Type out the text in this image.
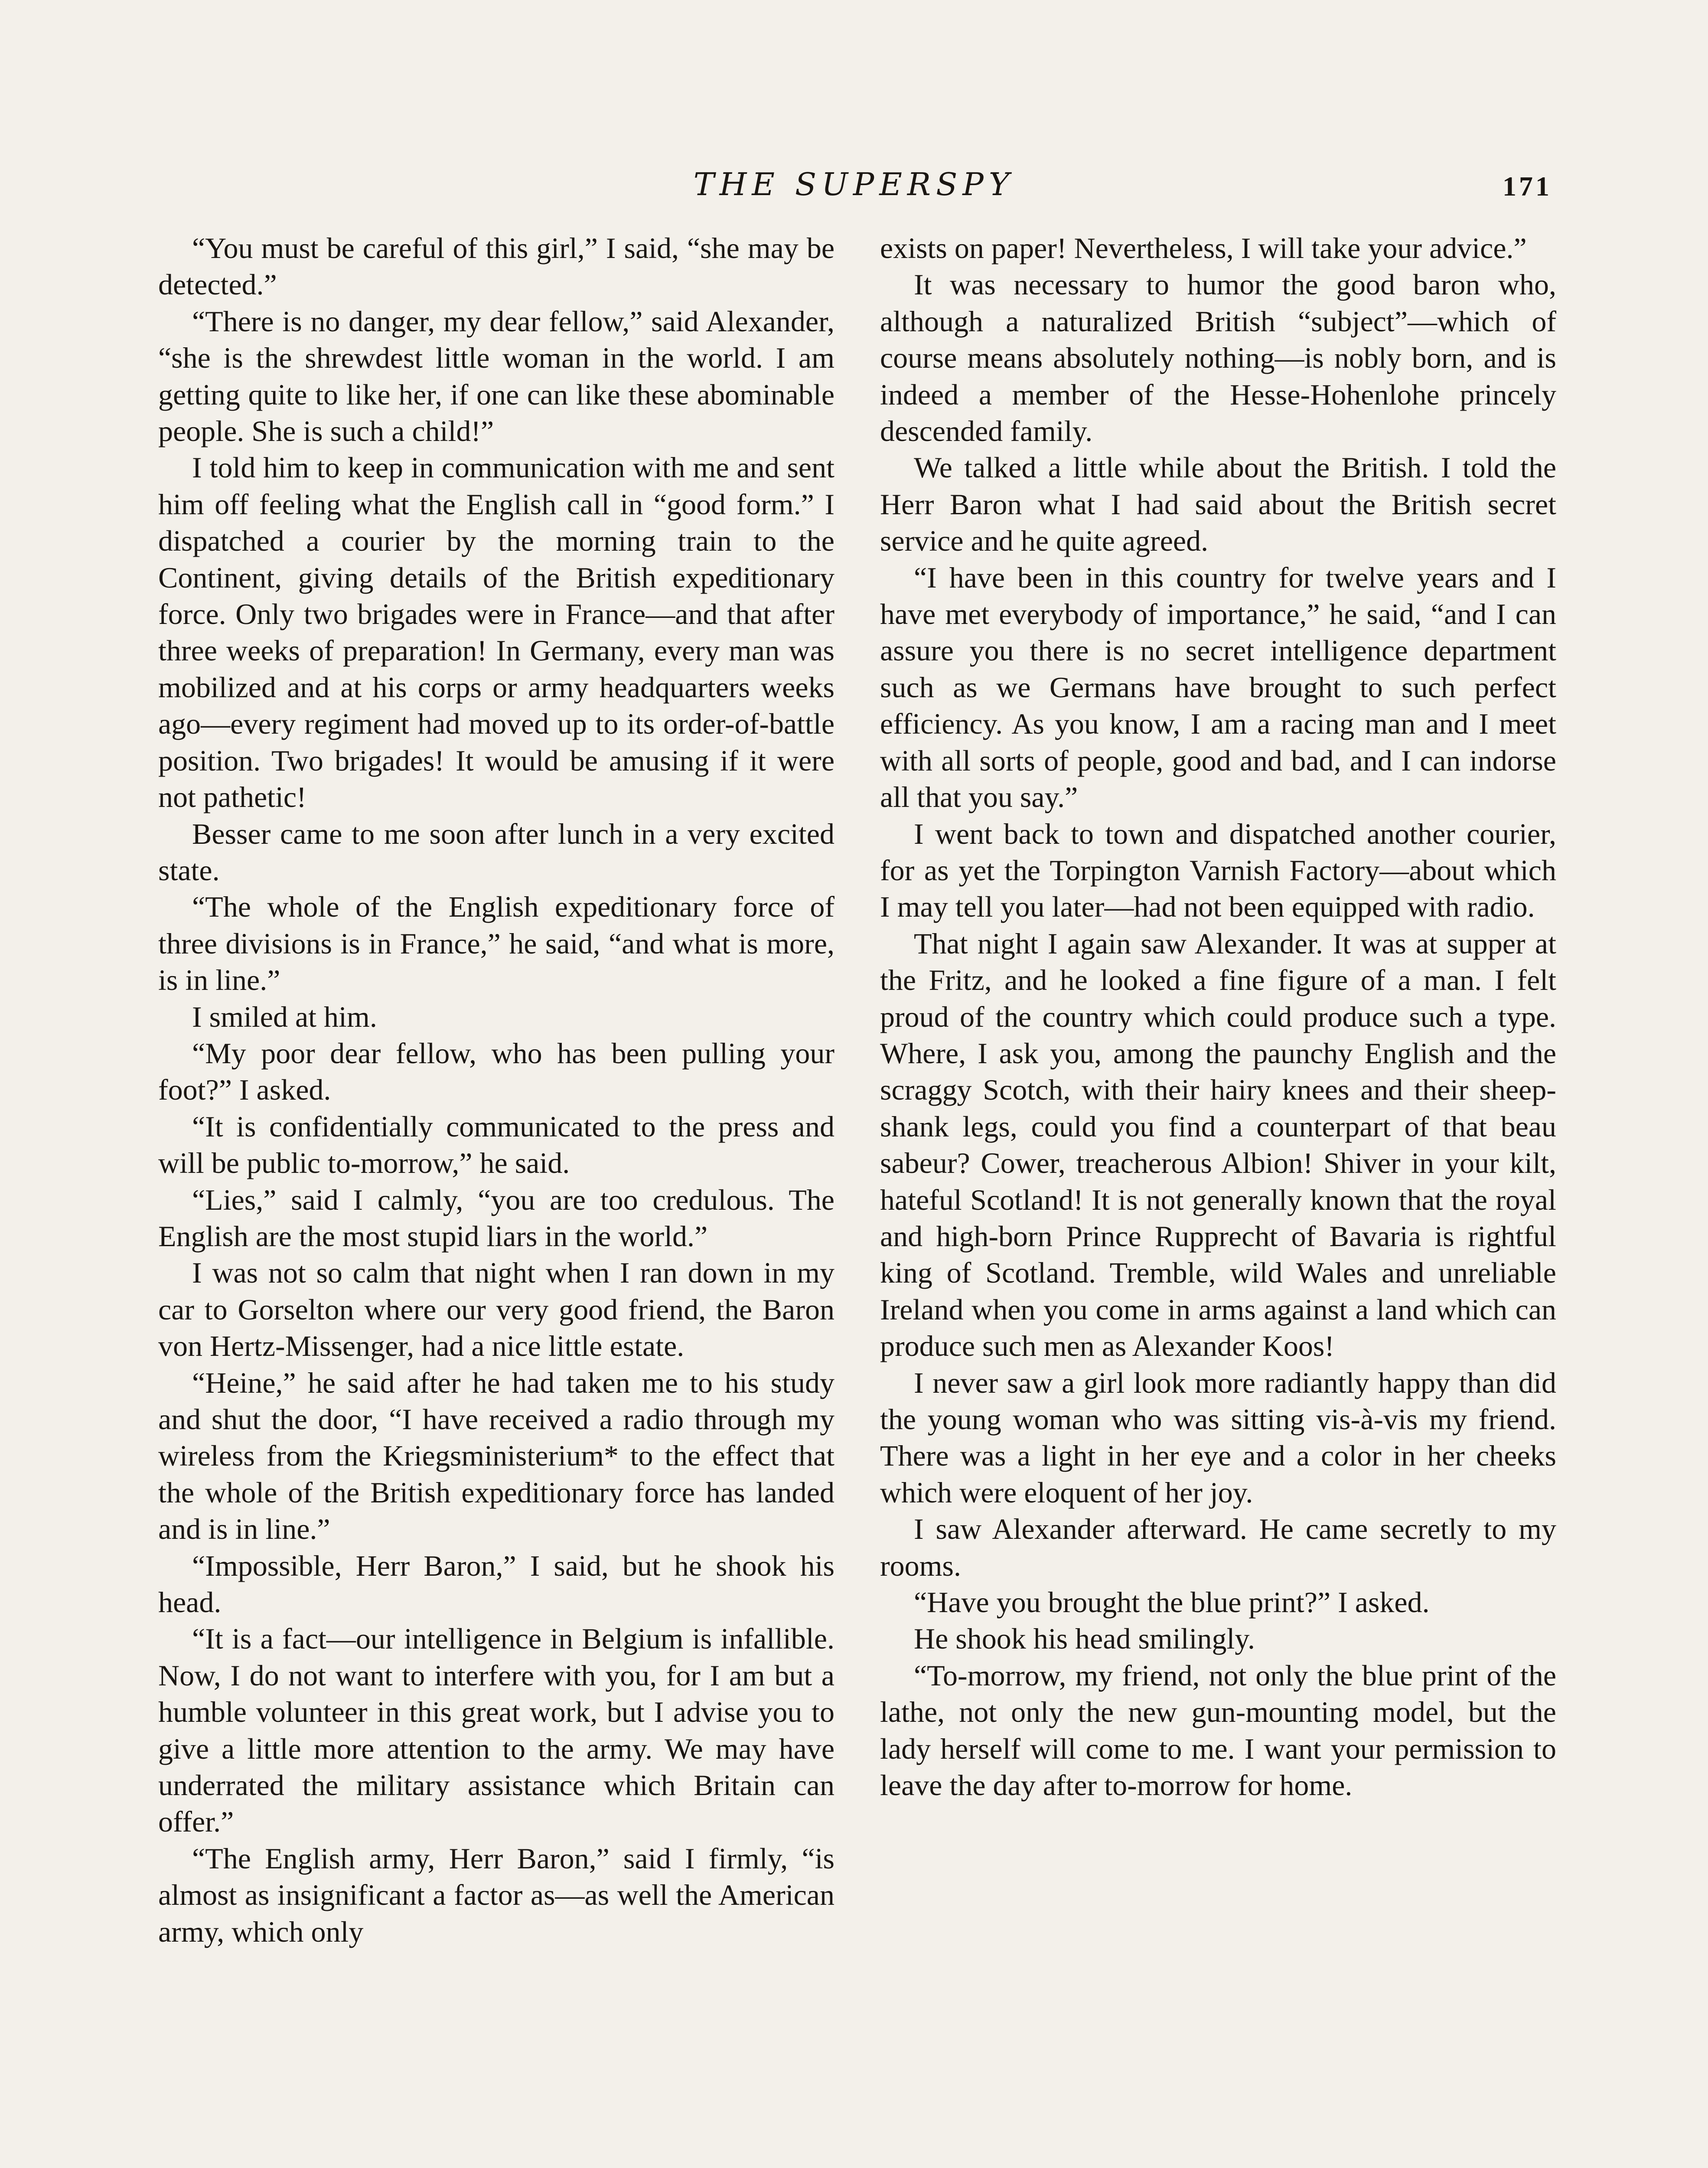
THE SUPERSPY	171

“You must be careful of this girl,” I said, “she may be detected.”

“There is no danger, my dear fellow,” said Alexander, “she is the shrewdest little woman in the world. I am getting quite to like her, if one can like these abominable people. She is such a child!”

I told him to keep in communication with me and sent him off feeling what the English call in “good form.” I dispatched a courier by the morning train to the Continent, giving details of the British expeditionary force. Only two brigades were in France—and that after three weeks of preparation! In Germany, every man was mobilized and at his corps or army headquarters weeks ago—every regiment had moved up to its order-of-battle position. Two brigades! It would be amusing if it were not pathetic!

Besser came to me soon after lunch in a very excited state.

“The whole of the English expeditionary force of three divisions is in France,” he said, “and what is more, is in line.”

I smiled at him.

“My poor dear fellow, who has been pulling your foot?” I asked.

“It is confidentially communicated to the press and will be public to-morrow,” he said.

“Lies,” said I calmly, “you are too credulous. The English are the most stupid liars in the world.”

I was not so calm that night when I ran down in my car to Gorselton where our very good friend, the Baron von Hertz-Missenger, had a nice little estate.

“Heine,” he said after he had taken me to his study and shut the door, “I have received a radio through my wireless from the Kriegsministerium* to the effect that the whole of the British expeditionary force has landed and is in line.”

“Impossible, Herr Baron,” I said, but he shook his head.

“It is a fact—our intelligence in Belgium is infallible. Now, I do not want to interfere with you, for I am but a humble volunteer in this great work, but I advise you to give a little more attention to the army. We may have underrated the military assistance which Britain can offer.”

“The English army, Herr Baron,” said I firmly, “is almost as insignificant a factor as—as well the American army, which only

exists on paper! Nevertheless, I will take your advice.”

It was necessary to humor the good baron who, although a naturalized British “subject”—which of course means absolutely nothing—is nobly born, and is indeed a member of the Hesse-Hohenlohe princely descended family.

We talked a little while about the British. I told the Herr Baron what I had said about the British secret service and he quite agreed.

“I have been in this country for twelve years and I have met everybody of importance,” he said, “and I can assure you there is no secret intelligence department such as we Germans have brought to such perfect efficiency. As you know, I am a racing man and I meet with all sorts of people, good and bad, and I can indorse all that you say.”

I went back to town and dispatched another courier, for as yet the Torpington Varnish Factory—about which I may tell you later—had not been equipped with radio.

That night I again saw Alexander. It was at supper at the Fritz, and he looked a fine figure of a man. I felt proud of the country which could produce such a type. Where, I ask you, among the paunchy English and the scraggy Scotch, with their hairy knees and their sheep-shank legs, could you find a counterpart of that beau sabeur? Cower, treacherous Albion! Shiver in your kilt, hateful Scotland! It is not generally known that the royal and high-born Prince Rupprecht of Bavaria is rightful king of Scotland. Tremble, wild Wales and unreliable Ireland when you come in arms against a land which can produce such men as Alexander Koos!

I never saw a girl look more radiantly happy than did the young woman who was sitting vis-à-vis my friend. There was a light in her eye and a color in her cheeks which were eloquent of her joy.

I saw Alexander afterward. He came secretly to my rooms.

“Have you brought the blue print?” I asked.

He shook his head smilingly.

“To-morrow, my friend, not only the blue print of the lathe, not only the new gun-mounting model, but the lady herself will come to me. I want your permission to leave the day after to-morrow for home.
